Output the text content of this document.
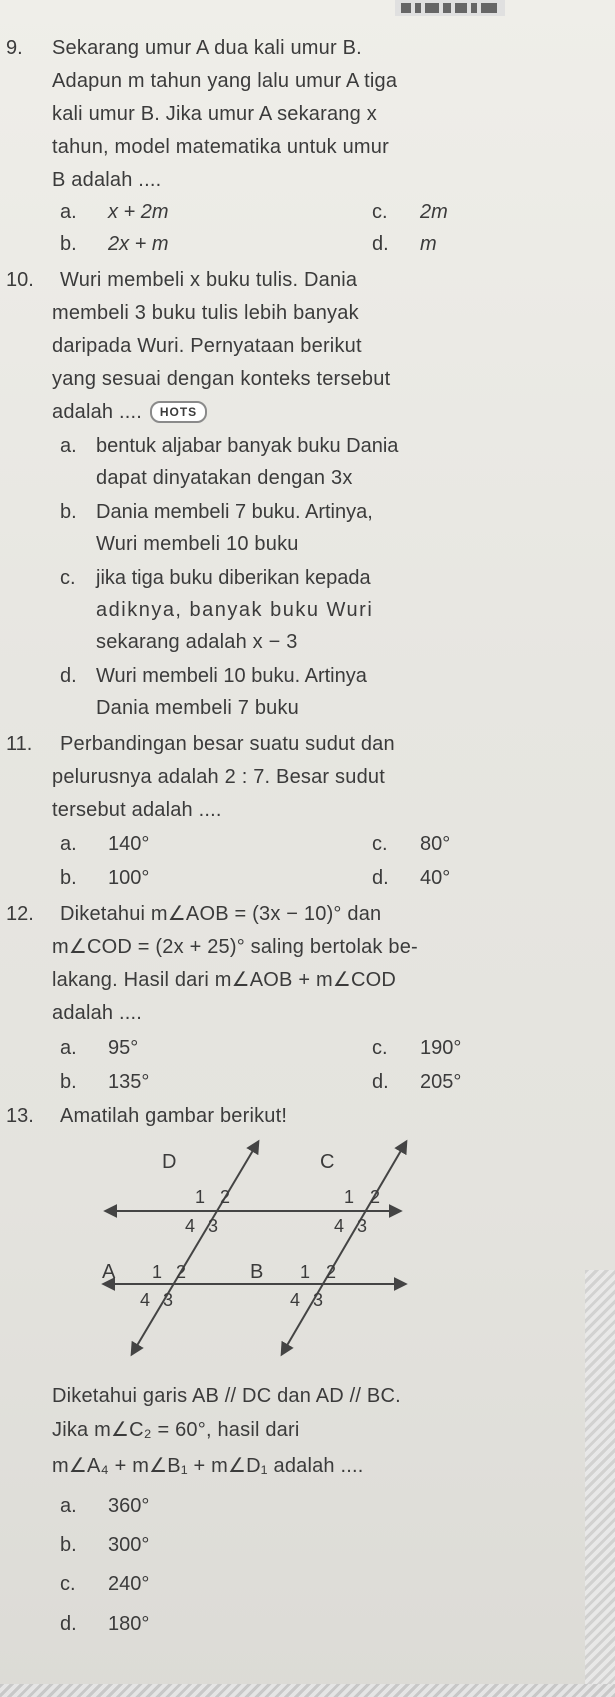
9. Sekarang umur A dua kali umur B.
Adapun m tahun yang lalu umur A tiga
kali umur B. Jika umur A sekarang x
tahun, model matematika untuk umur
B adalah ....
a. x + 2m
b. 2x + m
c. 2m
d. m
10. Wuri membeli x buku tulis. Dania
membeli 3 buku tulis lebih banyak
daripada Wuri. Pernyataan berikut
yang sesuai dengan konteks tersebut
adalah .... HOTS
a. bentuk aljabar banyak buku Dania
dapat dinyatakan dengan 3x
b. Dania membeli 7 buku. Artinya,
Wuri membeli 10 buku
c. jika tiga buku diberikan kepada
adiknya, banyak buku Wuri
sekarang adalah x − 3
d. Wuri membeli 10 buku. Artinya
Dania membeli 7 buku
11. Perbandingan besar suatu sudut dan
pelurusnya adalah 2 : 7. Besar sudut
tersebut adalah ....
a. 140°
b. 100°
c. 80°
d. 40°
12. Diketahui m∠AOB = (3x − 10)° dan
m∠COD = (2x + 25)° saling bertolak be-
lakang. Hasil dari m∠AOB + m∠COD
adalah ....
a. 95°
b. 135°
c. 190°
d. 205°
13. Amatilah gambar berikut!
D	C
A	B
1 2
4 3
1 2
4 3
1 2
4 3
1 2
4 3
Diketahui garis AB // DC dan AD // BC.
Jika m∠C₂ = 60°, hasil dari
m∠A₄ + m∠B₁ + m∠D₁ adalah ....
a. 360°
b. 300°
c. 240°
d. 180°
